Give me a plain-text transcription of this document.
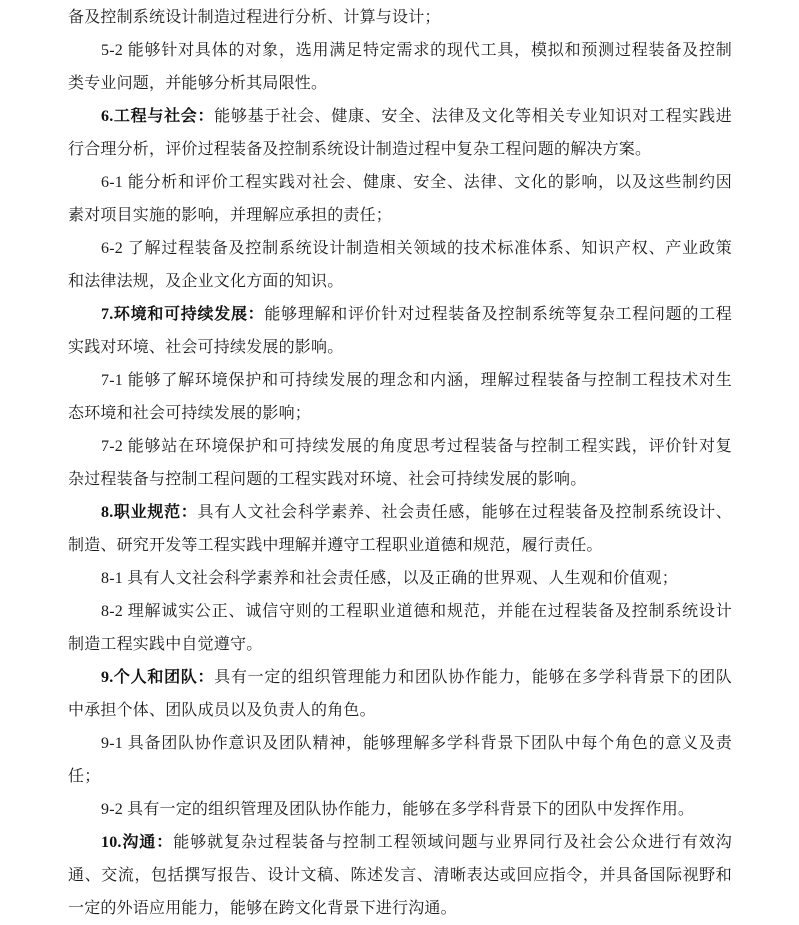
备及控制系统设计制造过程进行分析、计算与设计；
5-2 能够针对具体的对象，选用满足特定需求的现代工具，模拟和预测过程装备及控制
类专业问题，并能够分析其局限性。
6.工程与社会：能够基于社会、健康、安全、法律及文化等相关专业知识对工程实践进
行合理分析，评价过程装备及控制系统设计制造过程中复杂工程问题的解决方案。
6-1 能分析和评价工程实践对社会、健康、安全、法律、文化的影响，以及这些制约因
素对项目实施的影响，并理解应承担的责任；
6-2 了解过程装备及控制系统设计制造相关领域的技术标准体系、知识产权、产业政策
和法律法规，及企业文化方面的知识。
7.环境和可持续发展：能够理解和评价针对过程装备及控制系统等复杂工程问题的工程
实践对环境、社会可持续发展的影响。
7-1 能够了解环境保护和可持续发展的理念和内涵，理解过程装备与控制工程技术对生
态环境和社会可持续发展的影响；
7-2 能够站在环境保护和可持续发展的角度思考过程装备与控制工程实践，评价针对复
杂过程装备与控制工程问题的工程实践对环境、社会可持续发展的影响。
8.职业规范：具有人文社会科学素养、社会责任感，能够在过程装备及控制系统设计、
制造、研究开发等工程实践中理解并遵守工程职业道德和规范，履行责任。
8-1 具有人文社会科学素养和社会责任感，以及正确的世界观、人生观和价值观；
8-2 理解诚实公正、诚信守则的工程职业道德和规范，并能在过程装备及控制系统设计
制造工程实践中自觉遵守。
9.个人和团队：具有一定的组织管理能力和团队协作能力，能够在多学科背景下的团队
中承担个体、团队成员以及负责人的角色。
9-1 具备团队协作意识及团队精神，能够理解多学科背景下团队中每个角色的意义及责
任；
9-2 具有一定的组织管理及团队协作能力，能够在多学科背景下的团队中发挥作用。
10.沟通：能够就复杂过程装备与控制工程领域问题与业界同行及社会公众进行有效沟
通、交流，包括撰写报告、设计文稿、陈述发言、清晰表达或回应指令，并具备国际视野和
一定的外语应用能力，能够在跨文化背景下进行沟通。
